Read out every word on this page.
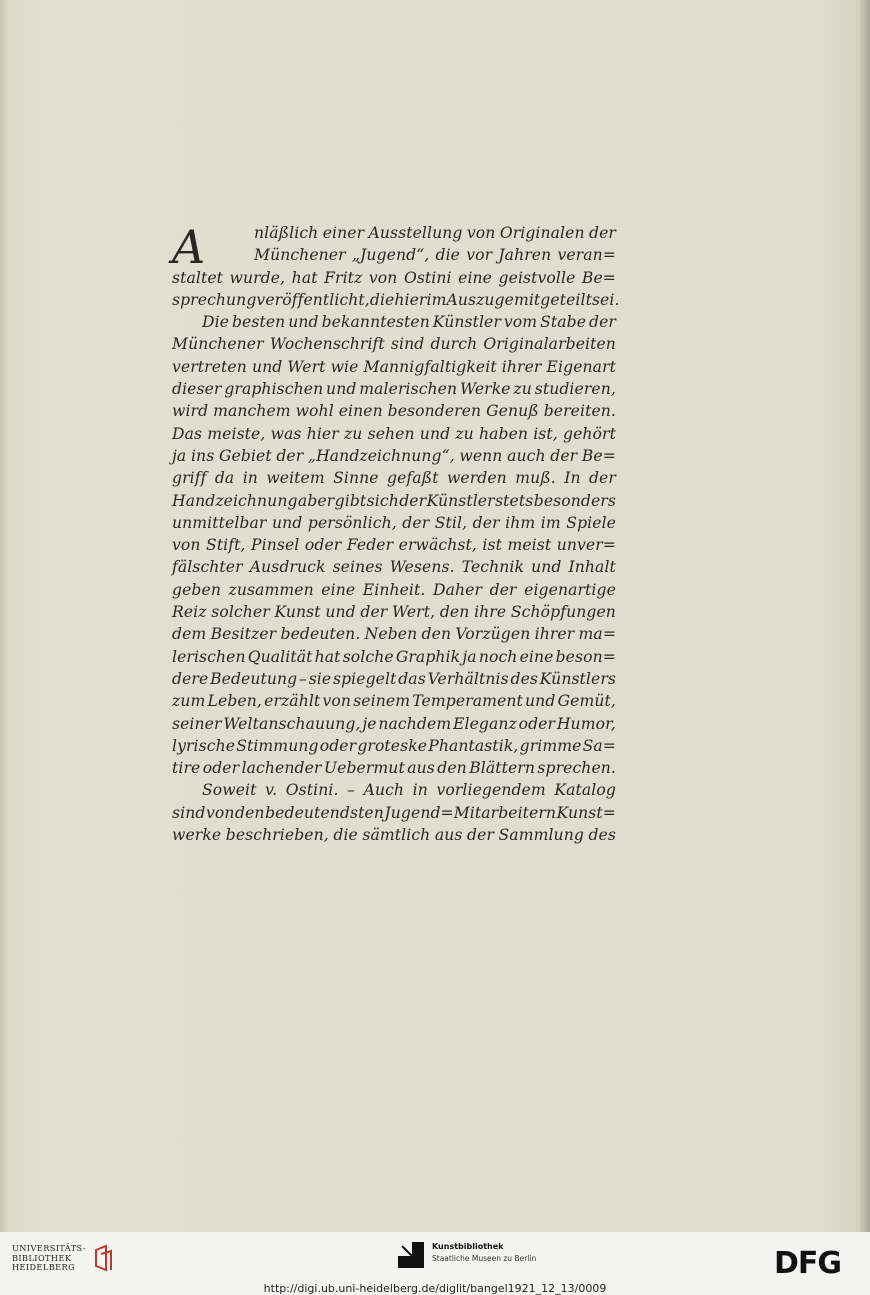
A	nläßlich einer Ausstellung von Originalen der
Münchener „Jugend“, die vor Jahren veran=
staltet wurde, hat Fritz von Ostini eine geistvolle Be=
sprechung veröffentlicht, die hier im Auszuge mitgeteilt sei.
Die besten und bekanntesten Künstler vom Stabe der
Münchener Wochenschrift sind durch Originalarbeiten
vertreten und Wert wie Mannigfaltigkeit ihrer Eigenart
dieser graphischen und malerischen Werke zu studieren,
wird manchem wohl einen besonderen Genuß bereiten.
Das meiste, was hier zu sehen und zu haben ist, gehört
ja ins Gebiet der „Handzeichnung“, wenn auch der Be=
griff da in weitem Sinne gefaßt werden muß. In der
Handzeichnung aber gibt sich der Künstler stets besonders
unmittelbar und persönlich, der Stil, der ihm im Spiele
von Stift, Pinsel oder Feder erwächst, ist meist unver=
fälschter Ausdruck seines Wesens. Technik und Inhalt
geben zusammen eine Einheit. Daher der eigenartige
Reiz solcher Kunst und der Wert, den ihre Schöpfungen
dem Besitzer bedeuten. Neben den Vorzügen ihrer ma=
lerischen Qualität hat solche Graphik ja noch eine beson=
dere Bedeutung – sie spiegelt das Verhältnis des Künstlers
zum Leben, erzählt von seinem Temperament und Gemüt,
seiner Weltanschauung, je nachdem Eleganz oder Humor,
lyrische Stimmung oder groteske Phantastik, grimme Sa=
tire oder lachender Uebermut aus den Blättern sprechen.
Soweit v. Ostini. – Auch in vorliegendem Katalog
sind von den bedeutendsten Jugend=Mitarbeitern Kunst=
werke beschrieben, die sämtlich aus der Sammlung des
UNIVERSITÄTS-
BIBLIOTHEK
HEIDELBERG
Kunstbibliothek
Staatliche Museen zu Berlin	DFG
http://digi.ub.uni-heidelberg.de/diglit/bangel1921_12_13/0009
